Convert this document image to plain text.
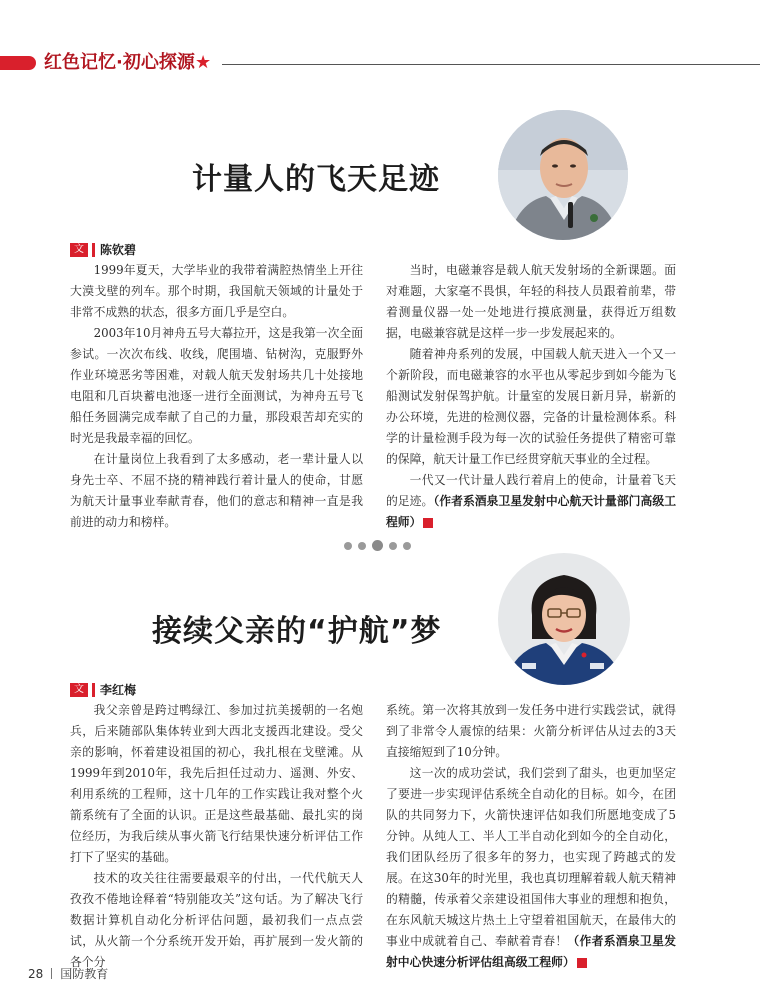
红色记忆·初心探源 ★
计量人的飞天足迹
文	陈钦碧

1999年夏天，大学毕业的我带着满腔热情坐上开往大漠戈壁的列车。那个时期，我国航天领域的计量处于非常不成熟的状态，很多方面几乎是空白。

2003年10月神舟五号大幕拉开，这是我第一次全面参试。一次次布线、收线，爬围墙、钻树沟，克服野外作业环境恶劣等困难，对载人航天发射场共几十处接地电阻和几百块蓄电池逐一进行全面测试，为神舟五号飞船任务圆满完成奉献了自己的力量，那段艰苦却充实的时光是我最幸福的回忆。

在计量岗位上我看到了太多感动，老一辈计量人以身先士卒、不屈不挠的精神践行着计量人的使命，甘愿为航天计量事业奉献青春，他们的意志和精神一直是我前进的动力和榜样。

当时，电磁兼容是载人航天发射场的全新课题。面对难题，大家毫不畏惧，年轻的科技人员跟着前辈，带着测量仪器一处一处地进行摸底测量，获得近万组数据，电磁兼容就是这样一步一步发展起来的。

随着神舟系列的发展，中国载人航天进入一个又一个新阶段，而电磁兼容的水平也从零起步到如今能为飞船测试发射保驾护航。计量室的发展日新月异，崭新的办公环境，先进的检测仪器，完备的计量检测体系。科学的计量检测手段为每一次的试验任务提供了精密可靠的保障，航天计量工作已经贯穿航天事业的全过程。

一代又一代计量人践行着肩上的使命，计量着飞天的足迹。（作者系酒泉卫星发射中心航天计量部门高级工程师）	G

接续父亲的“护航”梦
文	李红梅

我父亲曾是跨过鸭绿江、参加过抗美援朝的一名炮兵，后来随部队集体转业到大西北支援西北建设。受父亲的影响，怀着建设祖国的初心，我扎根在戈壁滩。从1999年到2010年，我先后担任过动力、遥测、外安、利用系统的工程师，这十几年的工作实践让我对整个火箭系统有了全面的认识。正是这些最基础、最扎实的岗位经历，为我后续从事火箭飞行结果快速分析评估工作打下了坚实的基础。

技术的攻关往往需要最艰辛的付出，一代代航天人孜孜不倦地诠释着“特别能攻关”这句话。为了解决飞行数据计算机自动化分析评估问题，最初我们一点点尝试，从火箭一个分系统开发开始，再扩展到一发火箭的各个分

系统。第一次将其放到一发任务中进行实践尝试，就得到了非常令人震惊的结果：火箭分析评估从过去的3天直接缩短到了10分钟。

这一次的成功尝试，我们尝到了甜头，也更加坚定了要进一步实现评估系统全自动化的目标。如今，在团队的共同努力下，火箭快速评估如我们所愿地变成了5分钟。从纯人工、半人工半自动化到如今的全自动化，我们团队经历了很多年的努力，也实现了跨越式的发展。在这30年的时光里，我也真切理解着载人航天精神的精髓，传承着父亲建设祖国伟大事业的理想和抱负，在东风航天城这片热土上守望着祖国航天，在最伟大的事业中成就着自己、奉献着青春！（作者系酒泉卫星发射中心快速分析评估组高级工程师）	G

28 国防教育
